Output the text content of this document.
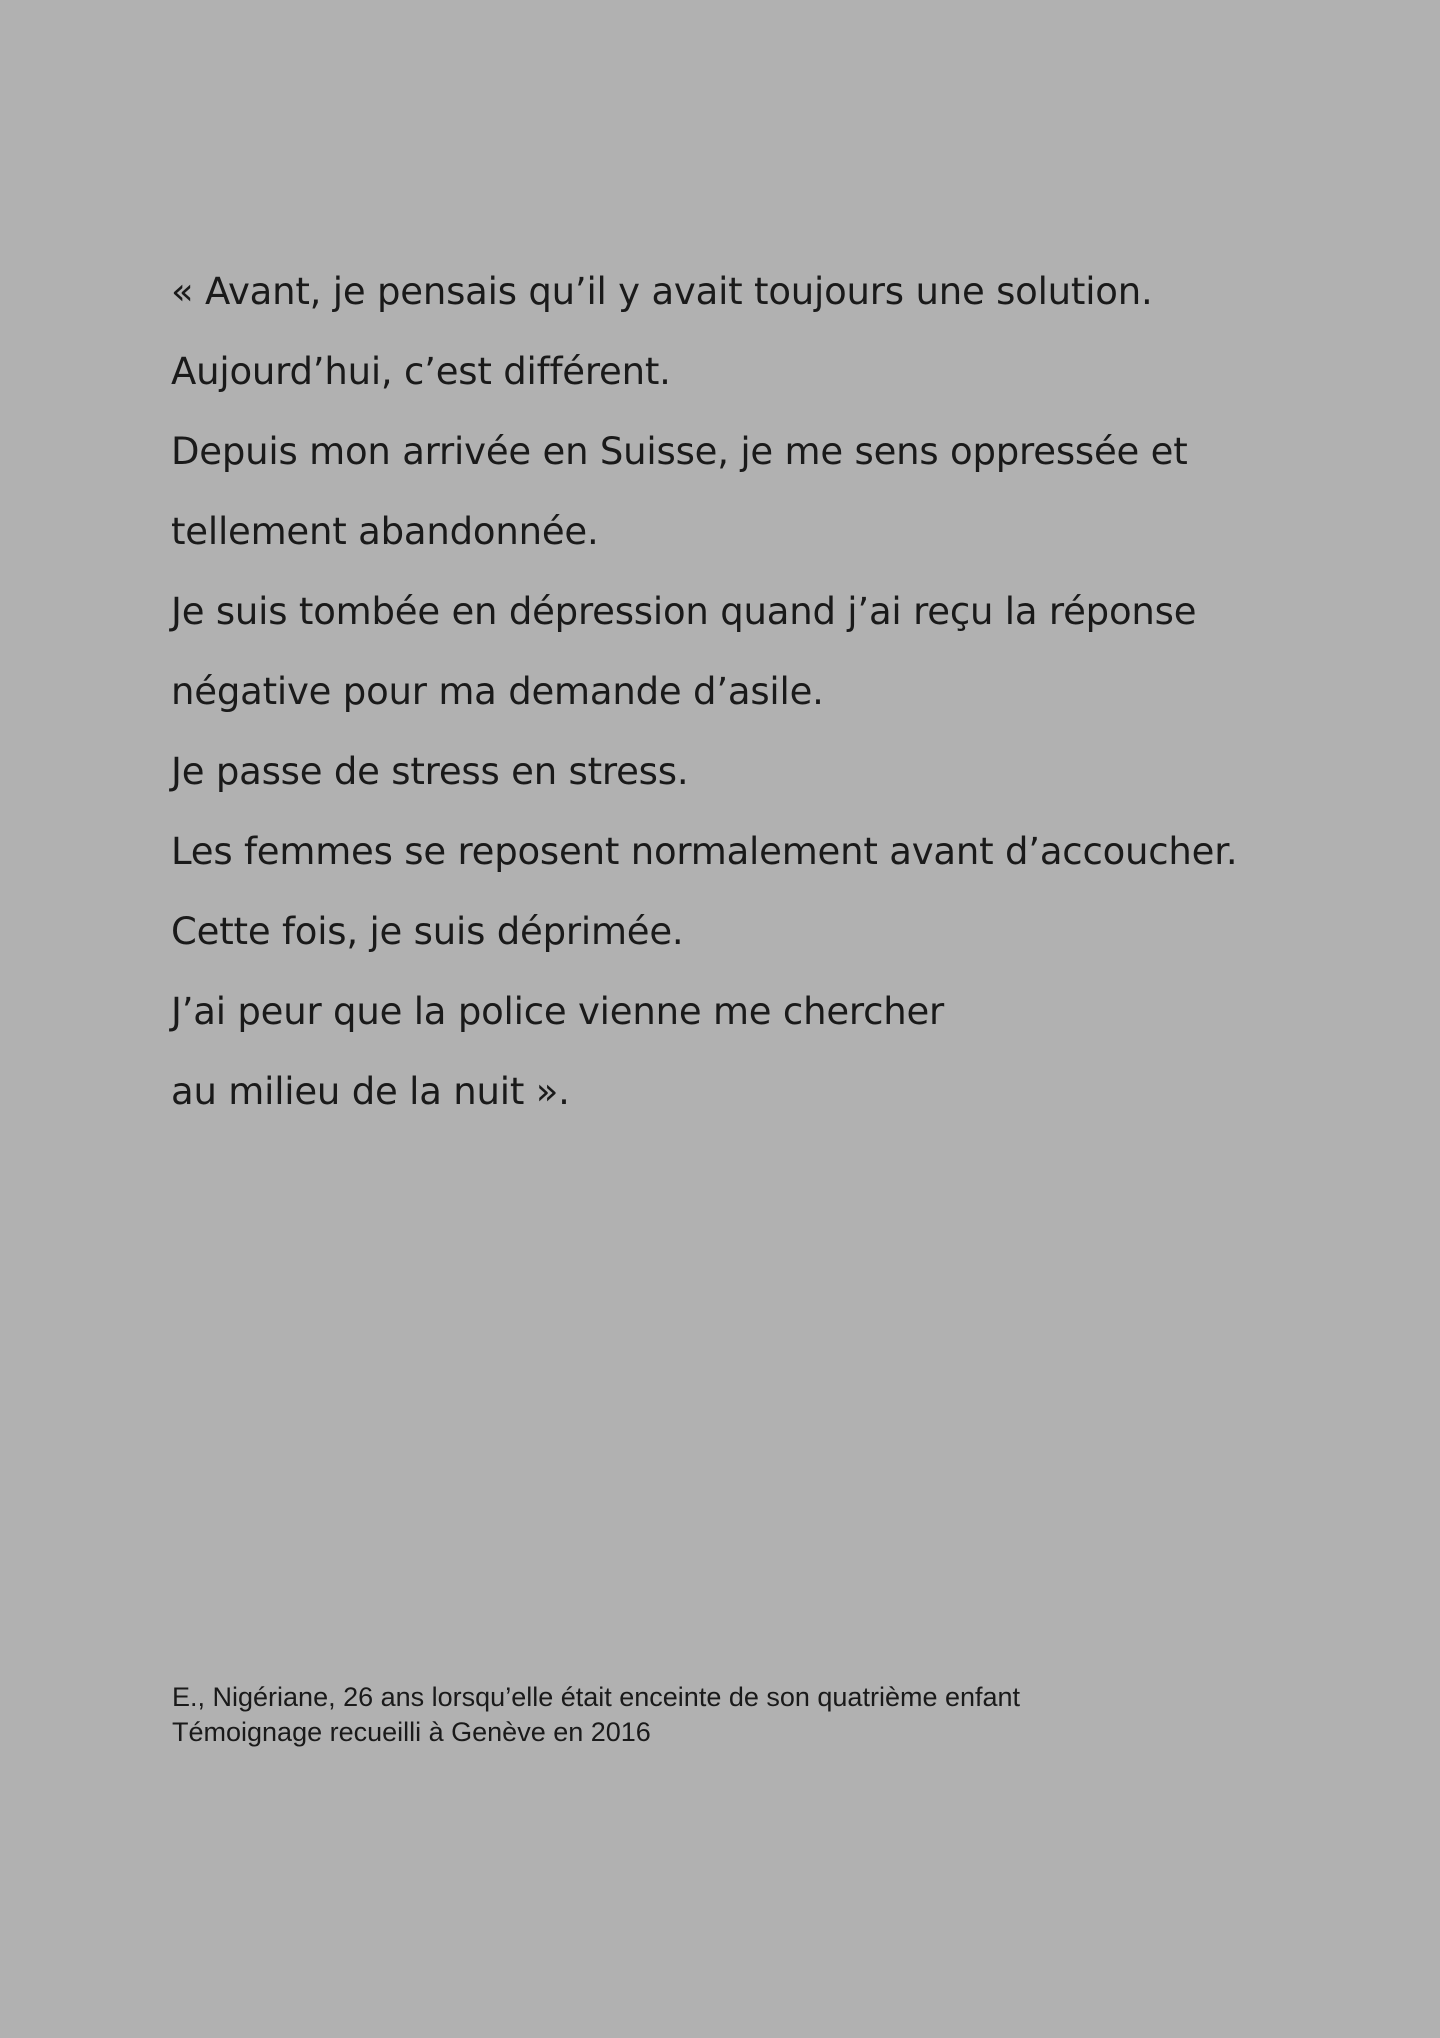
« Avant, je pensais qu’il y avait toujours une solution.
Aujourd’hui, c’est différent.
Depuis mon arrivée en Suisse, je me sens oppressée et
tellement abandonnée.
Je suis tombée en dépression quand j’ai reçu la réponse
négative pour ma demande d’asile.
Je passe de stress en stress.
Les femmes se reposent normalement avant d’accoucher.
Cette fois, je suis déprimée.
J’ai peur que la police vienne me chercher
au milieu de la nuit ».
E., Nigériane, 26 ans lorsqu’elle était enceinte de son quatrième enfant
Témoignage recueilli à Genève en 2016
